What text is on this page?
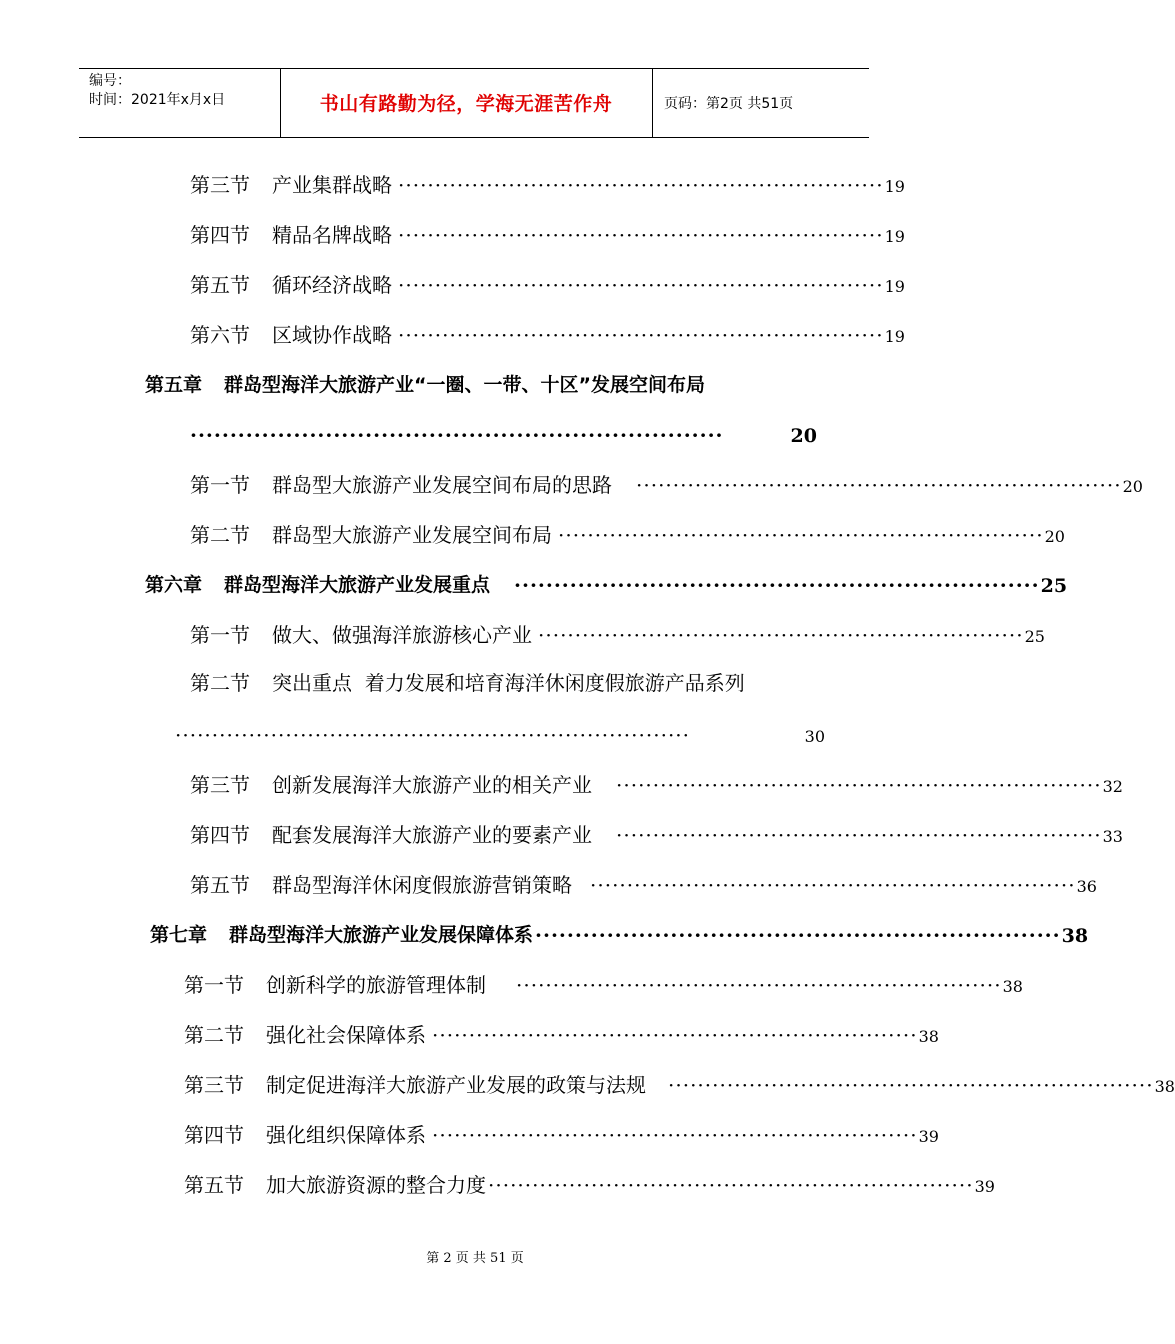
编号：
时间：2021年x月x日	书山有路勤为径，学海无涯苦作舟	页码：第2页 共51页
第三节 产业集群战略 ·································································· 19
第四节 精品名牌战略 ·································································· 19
第五节 循环经济战略 ·································································· 19
第六节 区域协作战略 ·································································· 19
第五章 群岛型海洋大旅游产业“一圈、一带、十区”发展空间布局
···································································	20
第一节 群岛型大旅游产业发展空间布局的思路 ·································································· 20
第二节 群岛型大旅游产业发展空间布局 ·································································· 20
第六章 群岛型海洋大旅游产业发展重点 ·································································· 25
第一节 做大、做强海洋旅游核心产业 ·································································· 25
第二节 突出重点  着力发展和培育海洋休闲度假旅游产品系列
······································································	30
第三节 创新发展海洋大旅游产业的相关产业 ·································································· 32
第四节 配套发展海洋大旅游产业的要素产业 ·································································· 33
第五节 群岛型海洋休闲度假旅游营销策略 ·································································· 36
第七章 群岛型海洋大旅游产业发展保障体系 ·································································· 38
第一节 创新科学的旅游管理体制 ·································································· 38
第二节 强化社会保障体系 ·································································· 38
第三节 制定促进海洋大旅游产业发展的政策与法规 ·································································· 38
第四节 强化组织保障体系 ·································································· 39
第五节 加大旅游资源的整合力度 ·································································· 39
第 2 页 共 51 页
